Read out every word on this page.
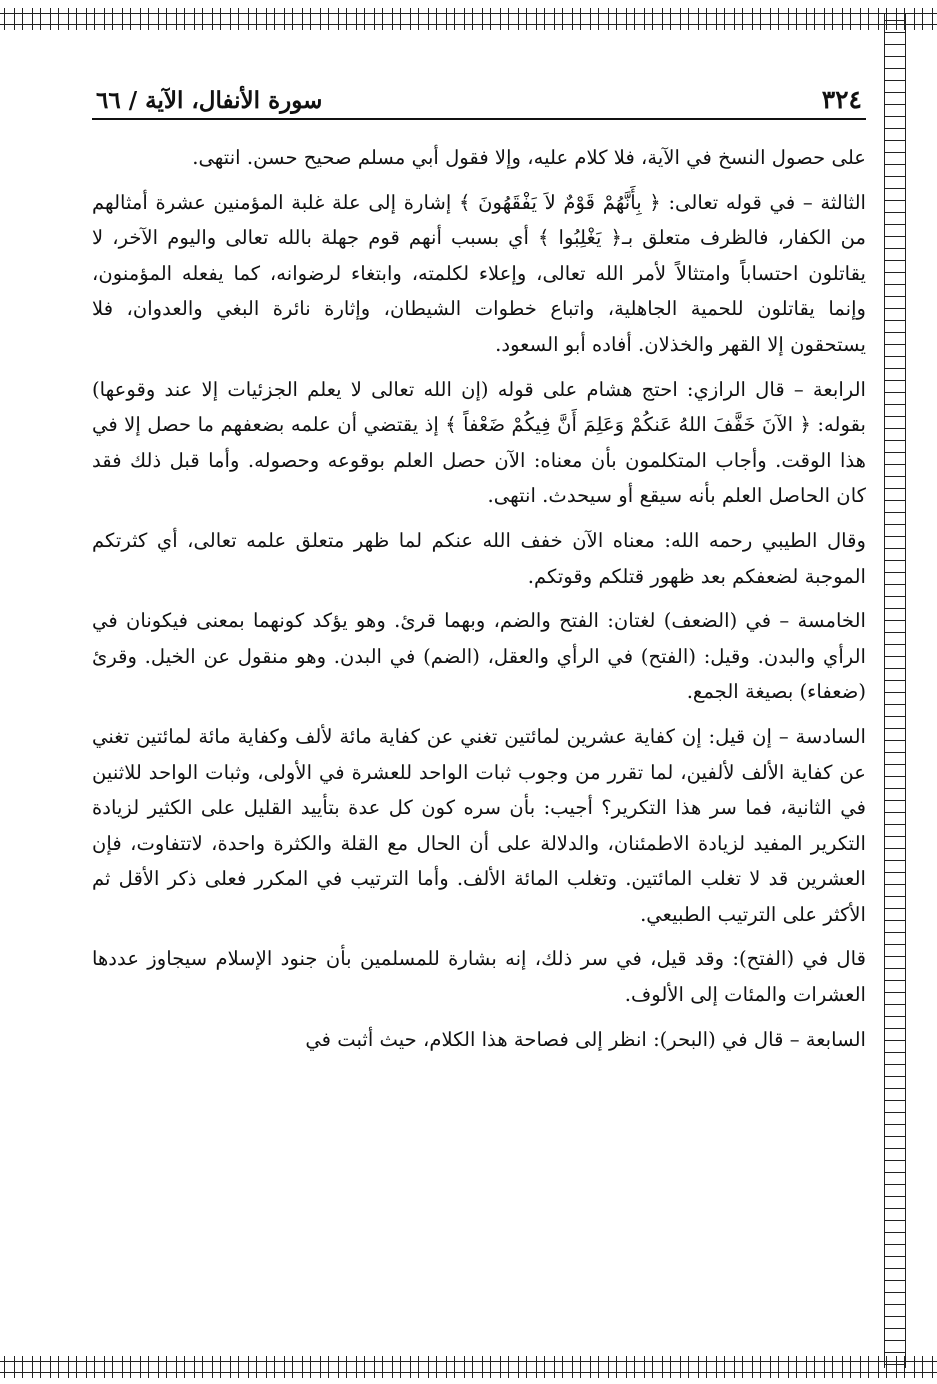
٣٢٤
سورة الأنفال، الآية / ٦٦

على حصول النسخ في الآية، فلا كلام عليه، وإلا فقول أبي مسلم صحيح حسن. انتهى.

الثالثة – في قوله تعالى: ﴿ بِأَنَّهُمْ قَوْمٌ لاَ يَفْقَهُونَ ﴾ إشارة إلى علة غلبة المؤمنين عشرة أمثالهم من الكفار، فالظرف متعلق بـ﴿ يَغْلِبُوا ﴾ أي بسبب أنهم قوم جهلة بالله تعالى واليوم الآخر، لا يقاتلون احتساباً وامتثالاً لأمر الله تعالى، وإعلاء لكلمته، وابتغاء لرضوانه، كما يفعله المؤمنون، وإنما يقاتلون للحمية الجاهلية، واتباع خطوات الشيطان، وإثارة نائرة البغي والعدوان، فلا يستحقون إلا القهر والخذلان. أفاده أبو السعود.

الرابعة – قال الرازي: احتج هشام على قوله (إن الله تعالى لا يعلم الجزئيات إلا عند وقوعها) بقوله: ﴿ الآنَ خَفَّفَ اللهُ عَنكُمْ وَعَلِمَ أَنَّ فِيكُمْ ضَعْفاً ﴾ إذ يقتضي أن علمه بضعفهم ما حصل إلا في هذا الوقت. وأجاب المتكلمون بأن معناه: الآن حصل العلم بوقوعه وحصوله. وأما قبل ذلك فقد كان الحاصل العلم بأنه سيقع أو سيحدث. انتهى.

وقال الطيبي رحمه الله: معناه الآن خفف الله عنكم لما ظهر متعلق علمه تعالى، أي كثرتكم الموجبة لضعفكم بعد ظهور قتلكم وقوتكم.

الخامسة – في (الضعف) لغتان: الفتح والضم، وبهما قرئ. وهو يؤكد كونهما بمعنى فيكونان في الرأي والبدن. وقيل: (الفتح) في الرأي والعقل، (الضم) في البدن. وهو منقول عن الخيل. وقرئ (ضعفاء) بصيغة الجمع.

السادسة – إن قيل: إن كفاية عشرين لمائتين تغني عن كفاية مائة لألف وكفاية مائة لمائتين تغني عن كفاية الألف لألفين، لما تقرر من وجوب ثبات الواحد للعشرة في الأولى، وثبات الواحد للاثنين في الثانية، فما سر هذا التكرير؟ أجيب: بأن سره كون كل عدة بتأييد القليل على الكثير لزيادة التكرير المفيد لزيادة الاطمئنان، والدلالة على أن الحال مع القلة والكثرة واحدة، لاتتفاوت، فإن العشرين قد لا تغلب المائتين. وتغلب المائة الألف. وأما الترتيب في المكرر فعلى ذكر الأقل ثم الأكثر على الترتيب الطبيعي.

قال في (الفتح): وقد قيل، في سر ذلك، إنه بشارة للمسلمين بأن جنود الإسلام سيجاوز عددها العشرات والمئات إلى الألوف.

السابعة – قال في (البحر): انظر إلى فصاحة هذا الكلام، حيث أثبت في
